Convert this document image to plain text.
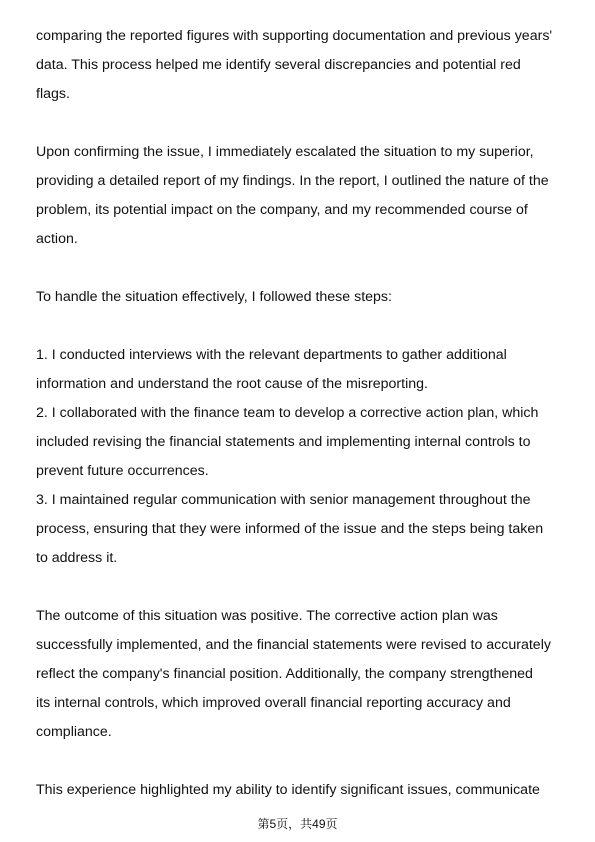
comparing the reported figures with supporting documentation and previous years'
data. This process helped me identify several discrepancies and potential red
flags.

Upon confirming the issue, I immediately escalated the situation to my superior,
providing a detailed report of my findings. In the report, I outlined the nature of the
problem, its potential impact on the company, and my recommended course of
action.

To handle the situation effectively, I followed these steps:

1. I conducted interviews with the relevant departments to gather additional
information and understand the root cause of the misreporting.

2. I collaborated with the finance team to develop a corrective action plan, which
included revising the financial statements and implementing internal controls to
prevent future occurrences.

3. I maintained regular communication with senior management throughout the
process, ensuring that they were informed of the issue and the steps being taken
to address it.

The outcome of this situation was positive. The corrective action plan was
successfully implemented, and the financial statements were revised to accurately
reflect the company's financial position. Additionally, the company strengthened
its internal controls, which improved overall financial reporting accuracy and
compliance.

This experience highlighted my ability to identify significant issues, communicate

第5页，共49页
